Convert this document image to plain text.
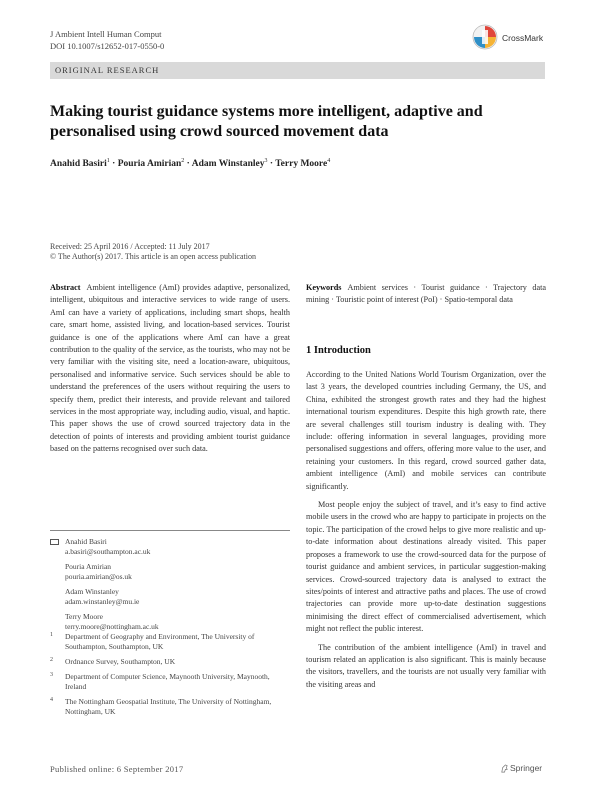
J Ambient Intell Human Comput
DOI 10.1007/s12652-017-0550-0
CrossMark
ORIGINAL RESEARCH
Making tourist guidance systems more intelligent, adaptive and personalised using crowd sourced movement data
Anahid Basiri$^1$ · Pouria Amirian$^2$ · Adam Winstanley$^3$ · Terry Moore$^4$
Received: 25 April 2016 / Accepted: 11 July 2017
© The Author(s) 2017. This article is an open access publication
Abstract Ambient intelligence (AmI) provides adaptive, personalized, intelligent, ubiquitous and interactive services to wide range of users. AmI can have a variety of applications, including smart shops, health care, smart home, assisted living, and location-based services. Tourist guidance is one of the applications where AmI can have a great contribution to the quality of the service, as the tourists, who may not be very familiar with the visiting site, need a location-aware, ubiquitous, personalised and informative service. Such services should be able to understand the preferences of the users without requiring the users to specify them, predict their interests, and provide relevant and tailored services in the most appropriate way, including audio, visual, and haptic. This paper shows the use of crowd sourced trajectory data in the detection of points of interests and providing ambient tourist guidance based on the patterns recognised over such data.
Keywords Ambient services · Tourist guidance · Trajectory data mining · Touristic point of interest (PoI) · Spatio-temporal data
1 Introduction

According to the United Nations World Tourism Organization, over the last 3 years, the developed countries including Germany, the US, and China, exhibited the strongest growth rates and they had the highest international tourism expenditures. Despite this high growth rate, there are several challenges still tourism industry is dealing with. They include: offering information in several languages, providing more personalised suggestions and offers, offering more value to the user, and retaining your customers. In this regard, crowd sourced gather data, ambient intelligence (AmI) and mobile services can contribute significantly.

Most people enjoy the subject of travel, and it’s easy to find active mobile users in the crowd who are happy to participate in projects on the topic. The participation of the crowd helps to give more realistic and up-to-date information about destinations already visited. This paper proposes a framework to use the crowd-sourced data for the purpose of tourist guidance and ambient services, in particular suggestion-making services. Crowd-sourced trajectory data is analysed to extract the sites/points of interest and attractive paths and places. The use of crowd trajectories can provide more up-to-date destination suggestions minimising the direct effect of commercialised advertisement, which might not reflect the public interest.

The contribution of the ambient intelligence (AmI) in travel and tourism related an application is also significant. This is mainly because the visitors, travellers, and the tourists are not usually very familiar with the visiting areas and

Anahid Basiri
a.basiri@southampton.ac.uk
Pouria Amirian
pouria.amirian@os.uk
Adam Winstanley
adam.winstanley@mu.ie
Terry Moore
terry.moore@nottingham.ac.uk
1 Department of Geography and Environment, The University of Southampton, Southampton, UK
2 Ordnance Survey, Southampton, UK
3 Department of Computer Science, Maynooth University, Maynooth, Ireland
4 The Nottingham Geospatial Institute, The University of Nottingham, Nottingham, UK
Published online: 6 September 2017	Springer
